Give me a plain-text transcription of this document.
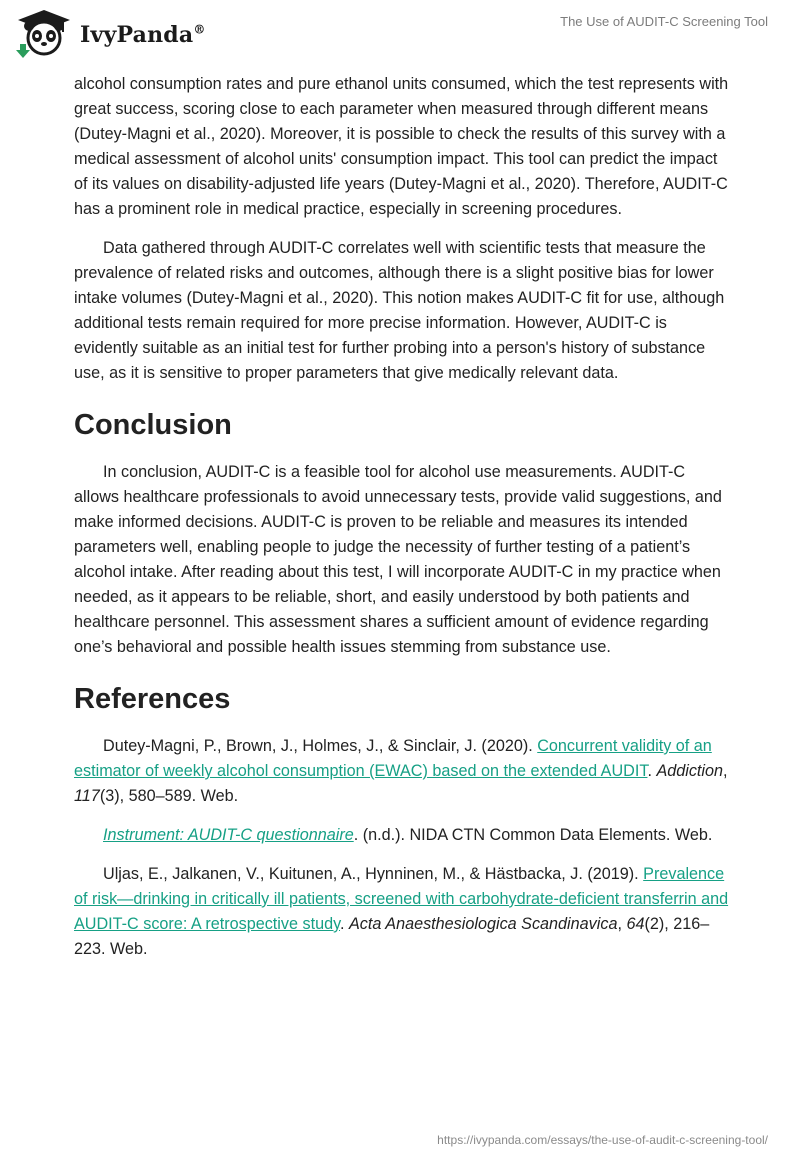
IvyPanda®
The Use of AUDIT-C Screening Tool

alcohol consumption rates and pure ethanol units consumed, which the test represents with great success, scoring close to each parameter when measured through different means (Dutey-Magni et al., 2020). Moreover, it is possible to check the results of this survey with a medical assessment of alcohol units' consumption impact. This tool can predict the impact of its values on disability-adjusted life years (Dutey-Magni et al., 2020). Therefore, AUDIT-C has a prominent role in medical practice, especially in screening procedures.

Data gathered through AUDIT-C correlates well with scientific tests that measure the prevalence of related risks and outcomes, although there is a slight positive bias for lower intake volumes (Dutey-Magni et al., 2020). This notion makes AUDIT-C fit for use, although additional tests remain required for more precise information. However, AUDIT-C is evidently suitable as an initial test for further probing into a person's history of substance use, as it is sensitive to proper parameters that give medically relevant data.

Conclusion

In conclusion, AUDIT-C is a feasible tool for alcohol use measurements. AUDIT-C allows healthcare professionals to avoid unnecessary tests, provide valid suggestions, and make informed decisions. AUDIT-C is proven to be reliable and measures its intended parameters well, enabling people to judge the necessity of further testing of a patient’s alcohol intake. After reading about this test, I will incorporate AUDIT-C in my practice when needed, as it appears to be reliable, short, and easily understood by both patients and healthcare personnel. This assessment shares a sufficient amount of evidence regarding one’s behavioral and possible health issues stemming from substance use.

References

Dutey-Magni, P., Brown, J., Holmes, J., & Sinclair, J. (2020). Concurrent validity of an estimator of weekly alcohol consumption (EWAC) based on the extended AUDIT. Addiction, 117(3), 580–589. Web.

Instrument: AUDIT-C questionnaire. (n.d.). NIDA CTN Common Data Elements. Web.

Uljas, E., Jalkanen, V., Kuitunen, A., Hynninen, M., & Hästbacka, J. (2019). Prevalence of risk—drinking in critically ill patients, screened with carbohydrate-deficient transferrin and AUDIT-C score: A retrospective study. Acta Anaesthesiologica Scandinavica, 64(2), 216–223. Web.

https://ivypanda.com/essays/the-use-of-audit-c-screening-tool/
